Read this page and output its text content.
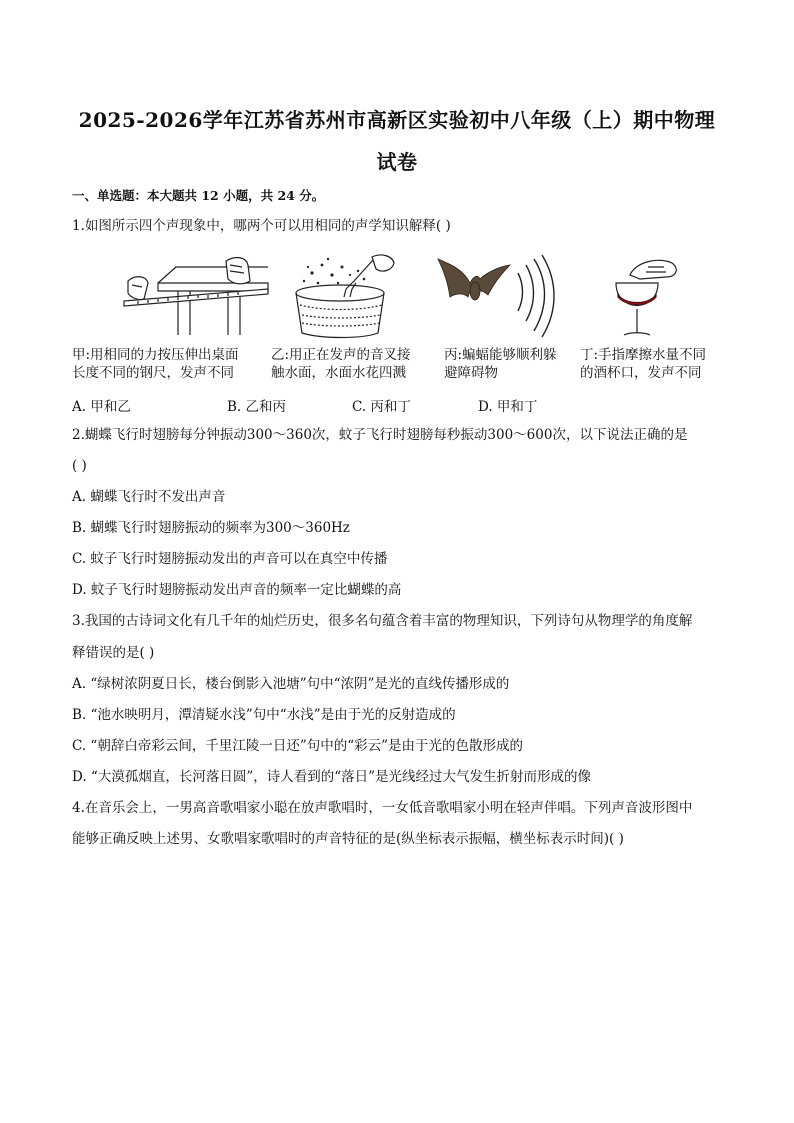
2025-2026学年江苏省苏州市高新区实验初中八年级（上）期中物理
试卷
一、单选题：本大题共 12 小题，共 24 分。
1.如图所示四个声现象中，哪两个可以用相同的声学知识解释( )
甲:用相同的力按压伸出桌面
长度不同的钢尺，发声不同
乙:用正在发声的音叉接
触水面，水面水花四溅
丙:蝙蝠能够顺利躲
避障碍物
丁:手指摩擦水量不同
的酒杯口，发声不同
A. 甲和乙	B. 乙和丙	C. 丙和丁	D. 甲和丁
2.蝴蝶飞行时翅膀每分钟振动300～360次，蚊子飞行时翅膀每秒振动300～600次，以下说法正确的是
( )
A. 蝴蝶飞行时不发出声音
B. 蝴蝶飞行时翅膀振动的频率为300～360Hz
C. 蚊子飞行时翅膀振动发出的声音可以在真空中传播
D. 蚊子飞行时翅膀振动发出声音的频率一定比蝴蝶的高
3.我国的古诗词文化有几千年的灿烂历史，很多名句蕴含着丰富的物理知识，下列诗句从物理学的角度解
释错误的是( )
A. “绿树浓阴夏日长，楼台倒影入池塘”句中“浓阴”是光的直线传播形成的
B. “池水映明月，潭清疑水浅”句中“水浅”是由于光的反射造成的
C. “朝辞白帝彩云间，千里江陵一日还”句中的“彩云”是由于光的色散形成的
D. “大漠孤烟直，长河落日圆”，诗人看到的“落日”是光线经过大气发生折射而形成的像
4.在音乐会上，一男高音歌唱家小聪在放声歌唱时，一女低音歌唱家小明在轻声伴唱。下列声音波形图中
能够正确反映上述男、女歌唱家歌唱时的声音特征的是(纵坐标表示振幅，横坐标表示时间)( )
